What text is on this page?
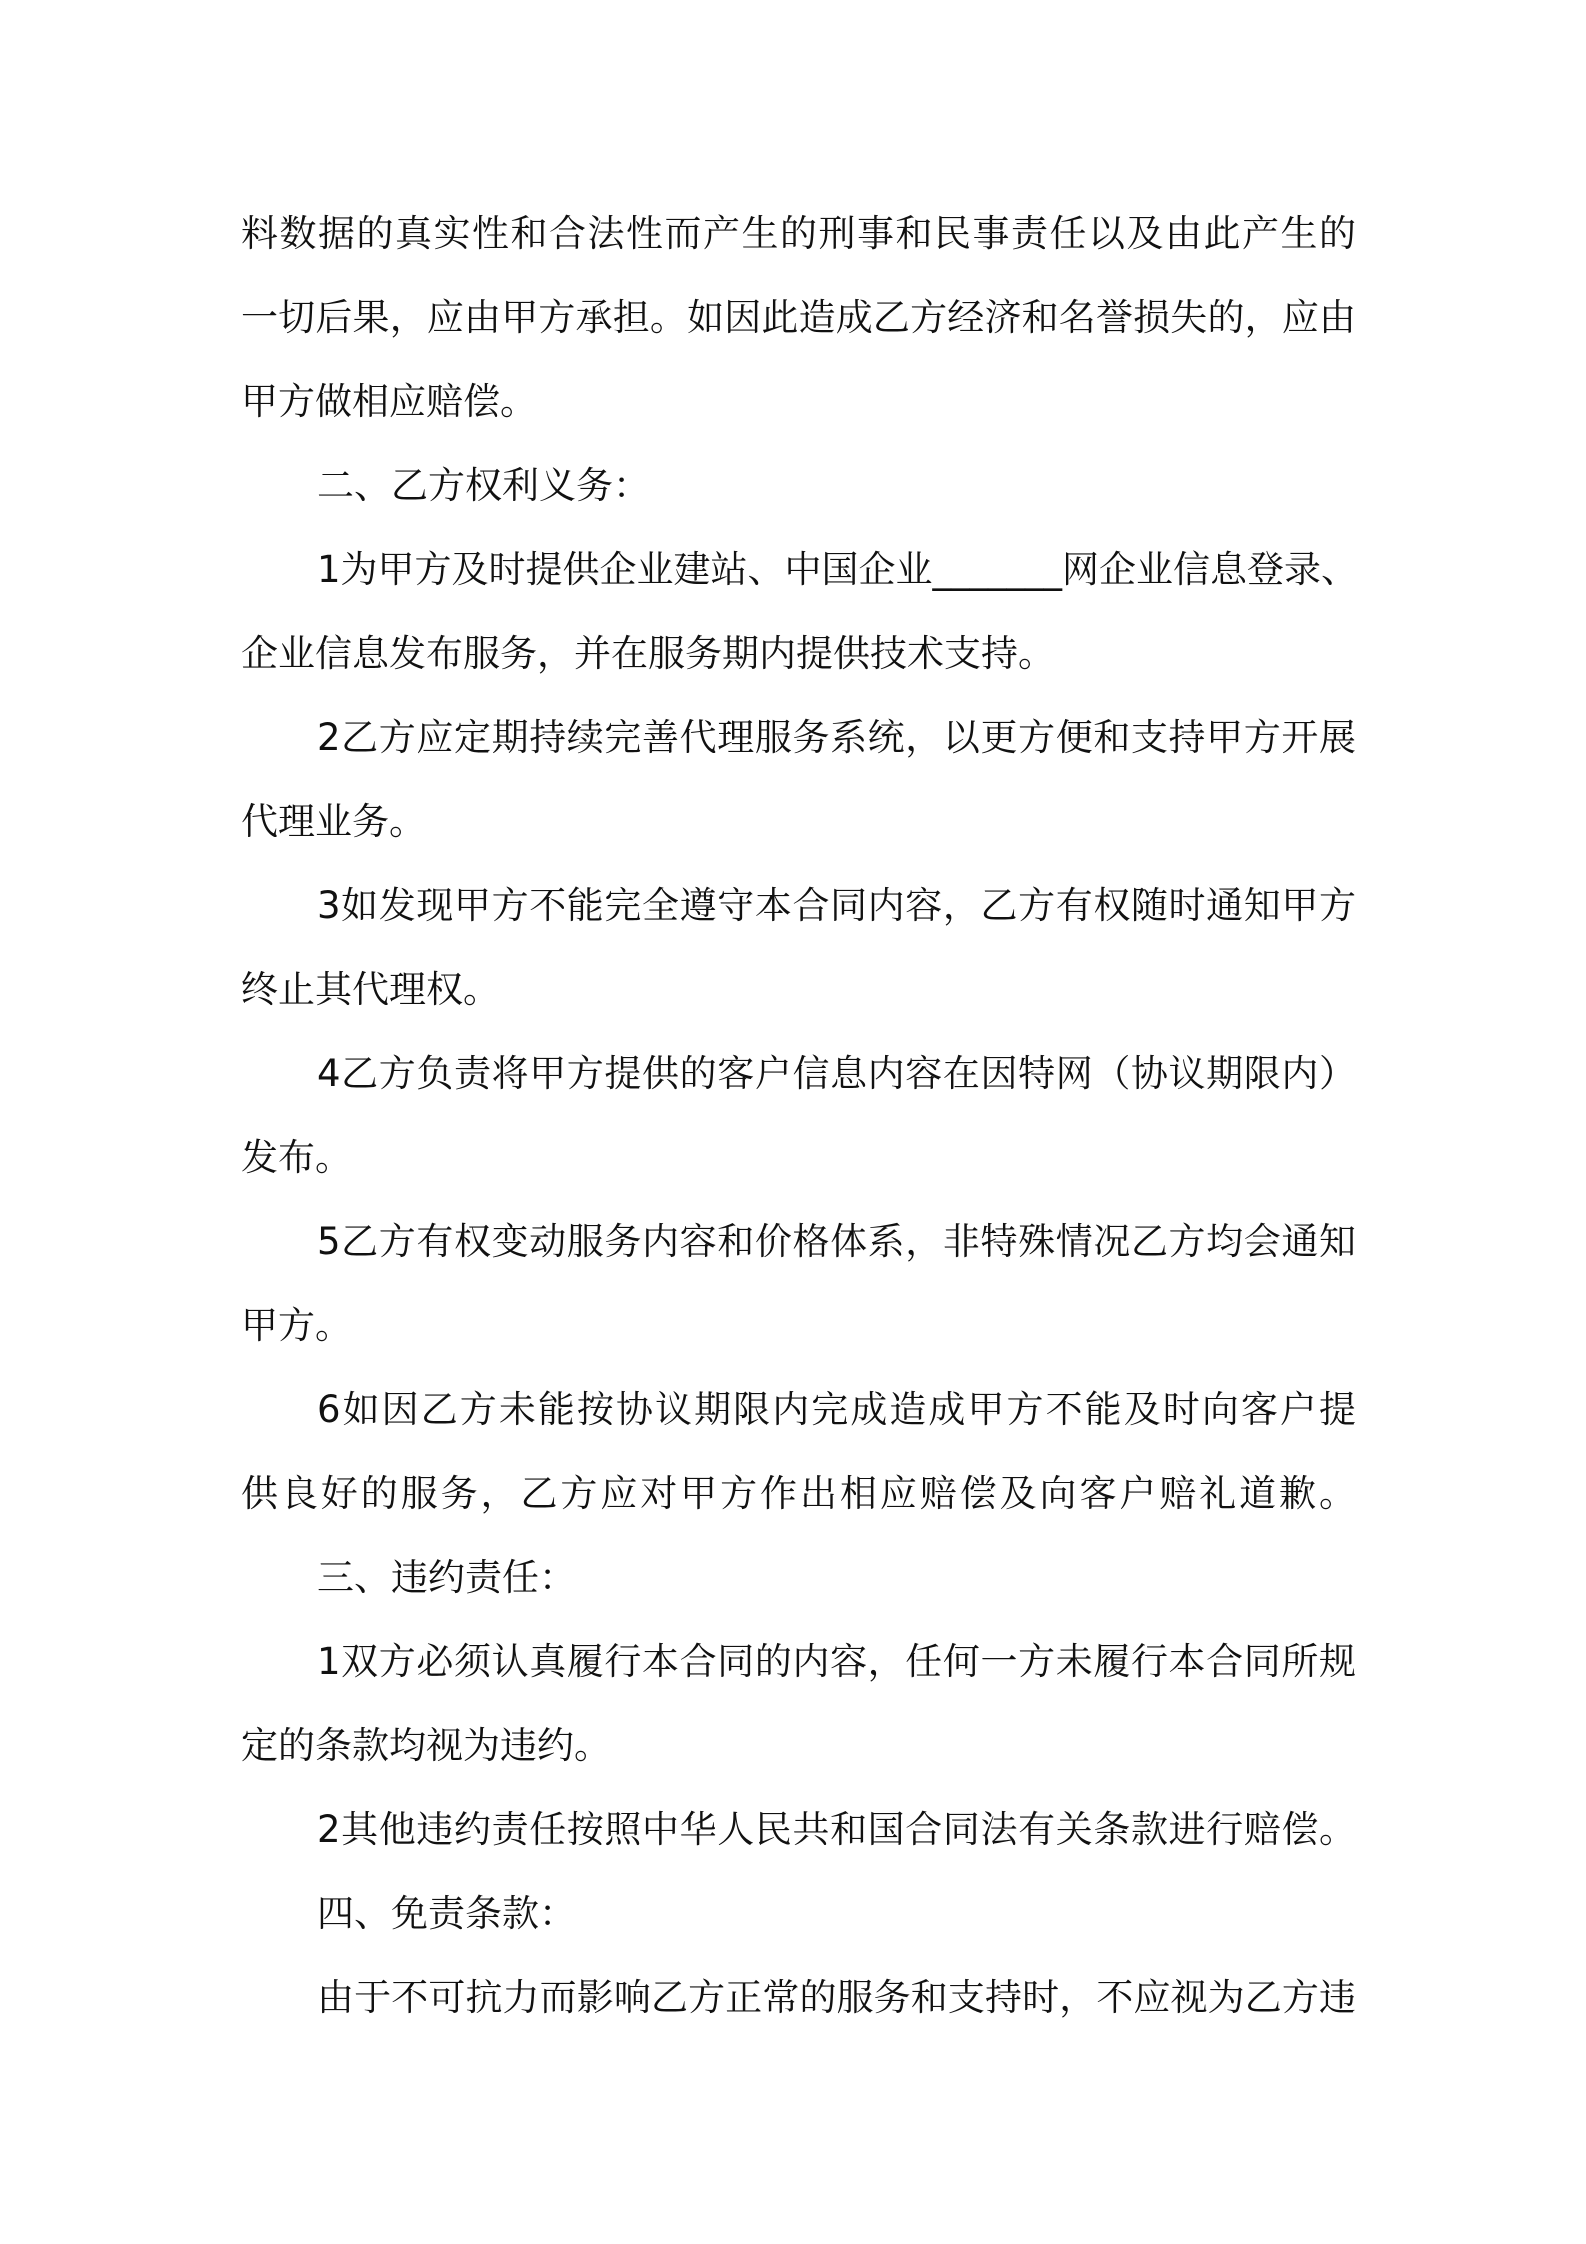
料数据的真实性和合法性而产生的刑事和民事责任以及由此产生的
一切后果，应由甲方承担。如因此造成乙方经济和名誉损失的，应由
甲方做相应赔偿。
二、乙方权利义务：
1为甲方及时提供企业建站、中国企业_______网企业信息登录、
企业信息发布服务，并在服务期内提供技术支持。
2乙方应定期持续完善代理服务系统，以更方便和支持甲方开展
代理业务。
3如发现甲方不能完全遵守本合同内容，乙方有权随时通知甲方
终止其代理权。
4乙方负责将甲方提供的客户信息内容在因特网（协议期限内）
发布。
5乙方有权变动服务内容和价格体系，非特殊情况乙方均会通知
甲方。
6如因乙方未能按协议期限内完成造成甲方不能及时向客户提
供良好的服务，乙方应对甲方作出相应赔偿及向客户赔礼道歉。
三、违约责任：
1双方必须认真履行本合同的内容，任何一方未履行本合同所规
定的条款均视为违约。
2其他违约责任按照中华人民共和国合同法有关条款进行赔偿。
四、免责条款：
由于不可抗力而影响乙方正常的服务和支持时，不应视为乙方违
